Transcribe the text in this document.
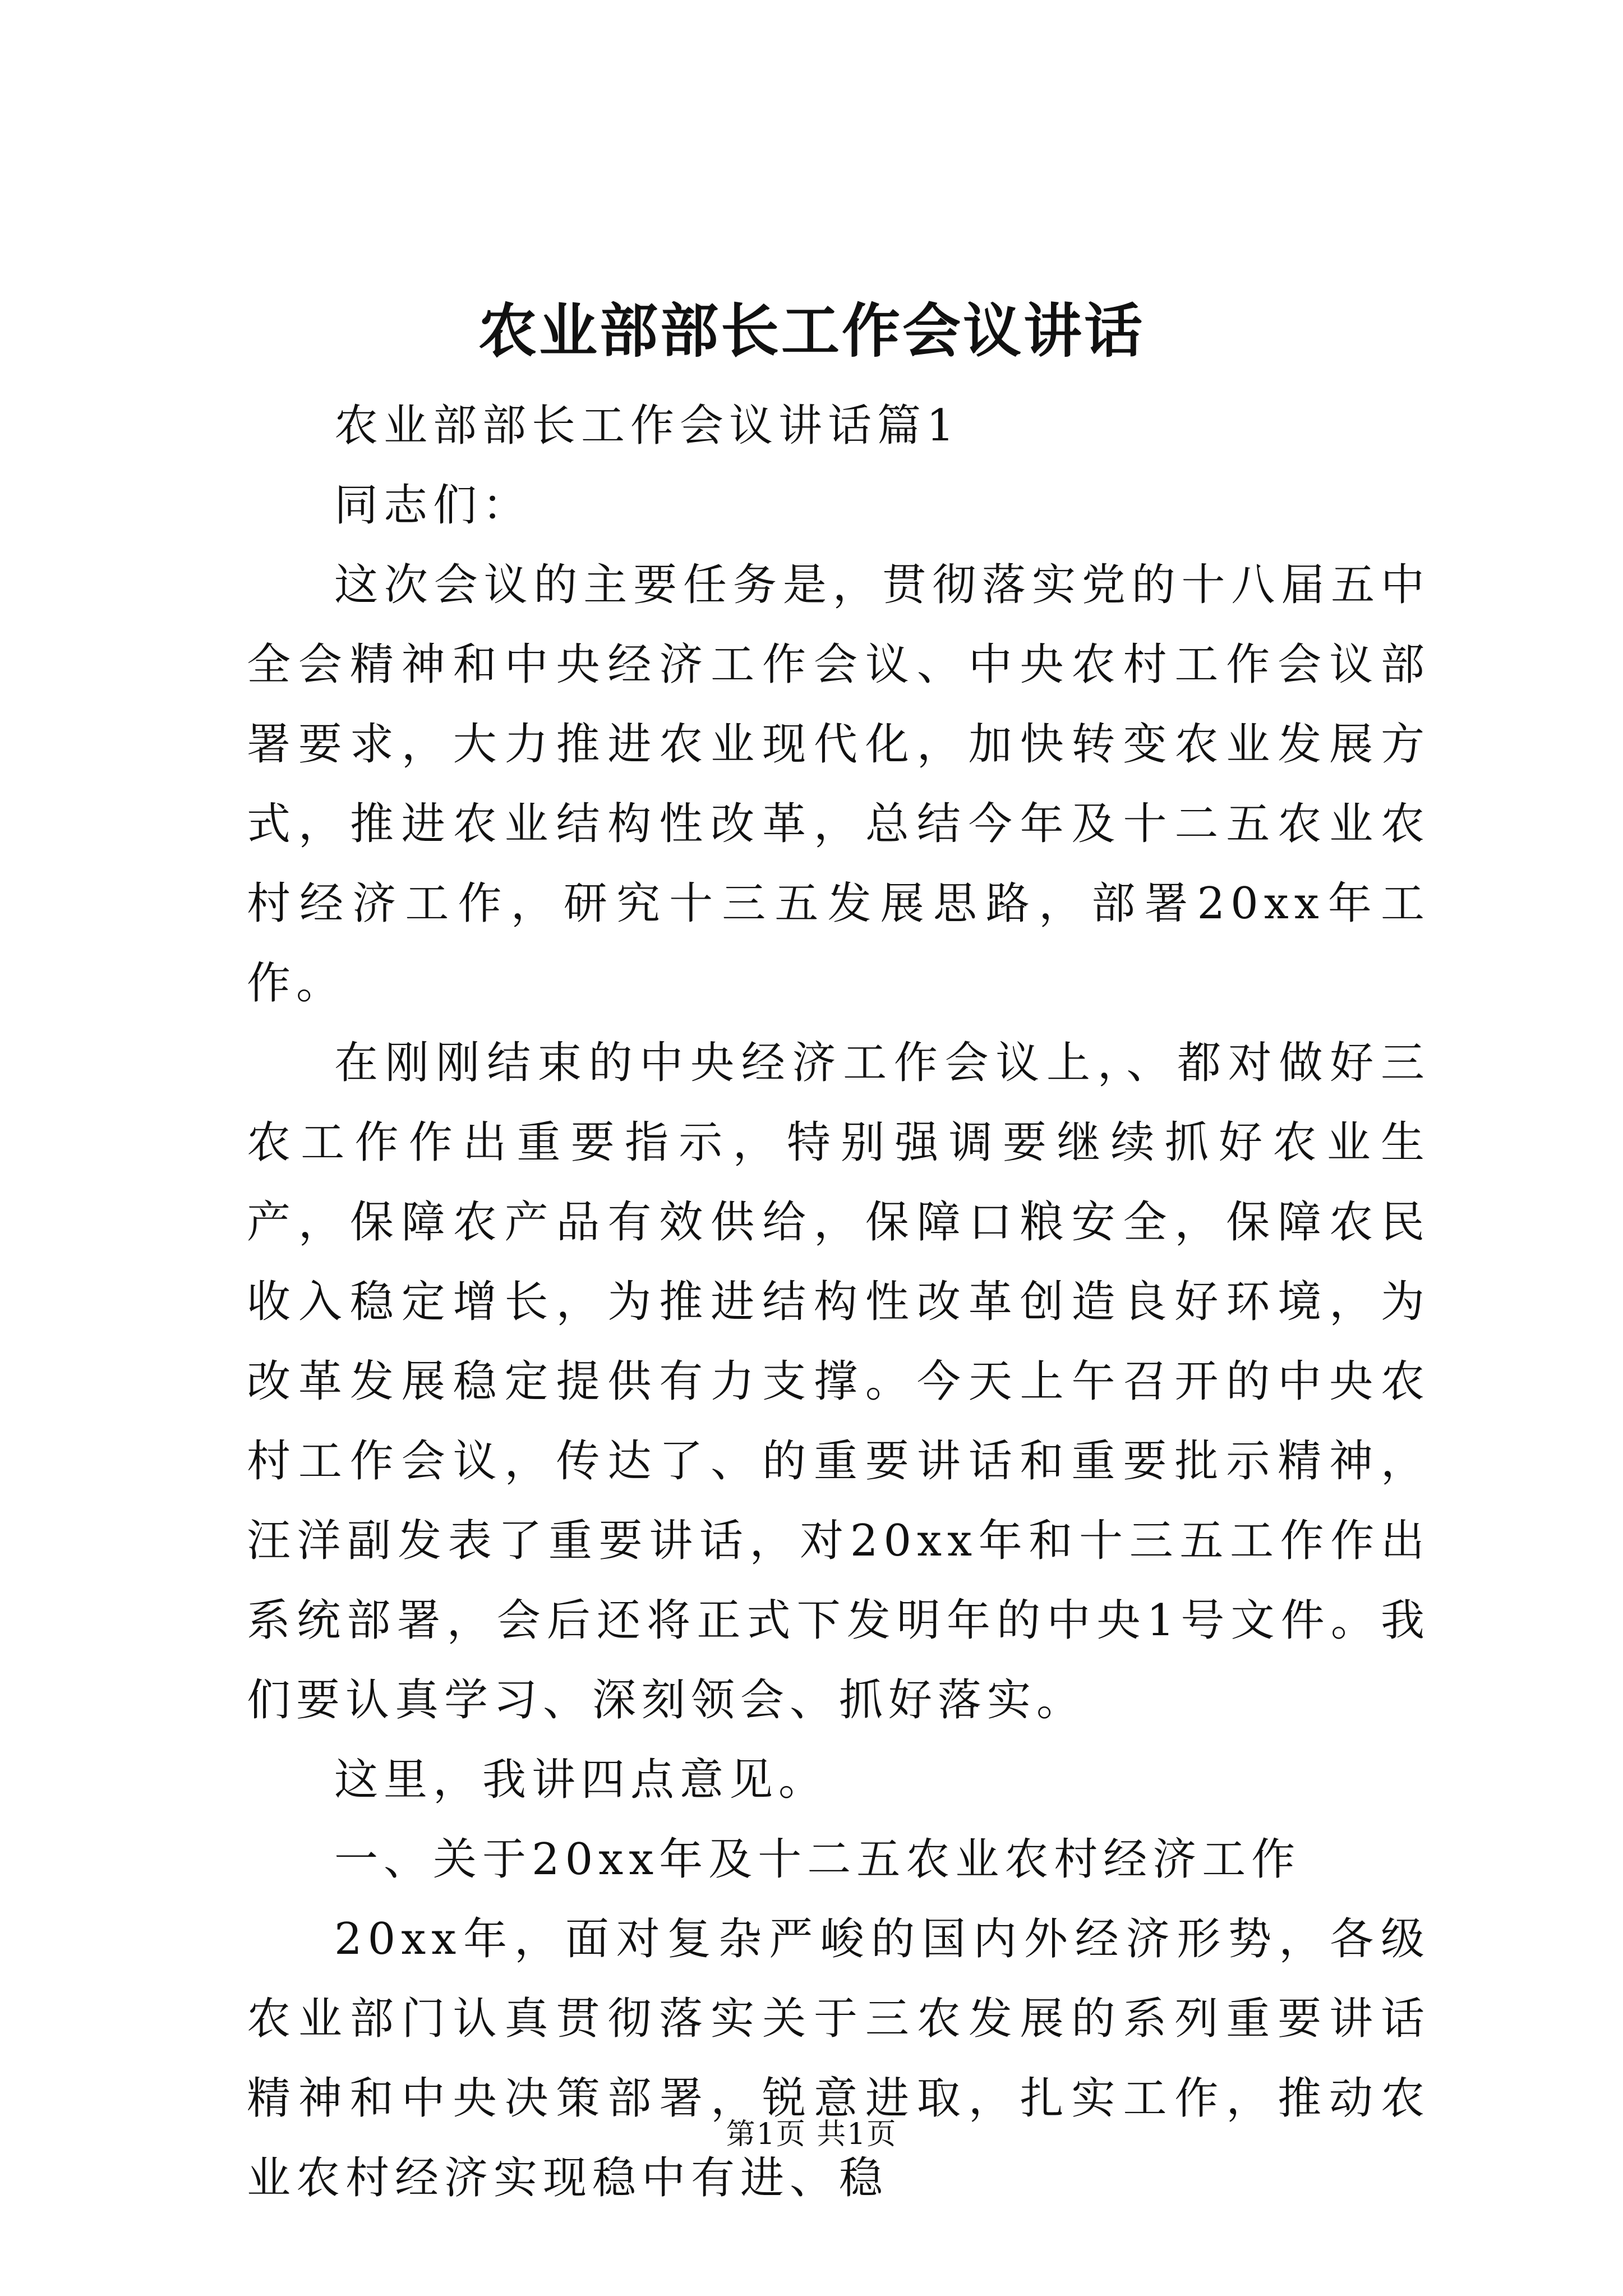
农业部部长工作会议讲话

农业部部长工作会议讲话篇1

同志们：

这次会议的主要任务是，贯彻落实党的十八届五中全会精神和中央经济工作会议、中央农村工作会议部署要求，大力推进农业现代化，加快转变农业发展方式，推进农业结构性改革，总结今年及十二五农业农村经济工作，研究十三五发展思路，部署20xx年工作。

在刚刚结束的中央经济工作会议上，、都对做好三农工作作出重要指示，特别强调要继续抓好农业生产，保障农产品有效供给，保障口粮安全，保障农民收入稳定增长，为推进结构性改革创造良好环境，为改革发展稳定提供有力支撑。今天上午召开的中央农村工作会议，传达了、的重要讲话和重要批示精神，汪洋副发表了重要讲话，对20xx年和十三五工作作出系统部署，会后还将正式下发明年的中央1号文件。我们要认真学习、深刻领会、抓好落实。

这里，我讲四点意见。

一、关于20xx年及十二五农业农村经济工作

20xx年，面对复杂严峻的国内外经济形势，各级农业部门认真贯彻落实关于三农发展的系列重要讲话精神和中央决策部署，锐意进取，扎实工作，推动农业农村经济实现稳中有进、稳

第1页 共1页
